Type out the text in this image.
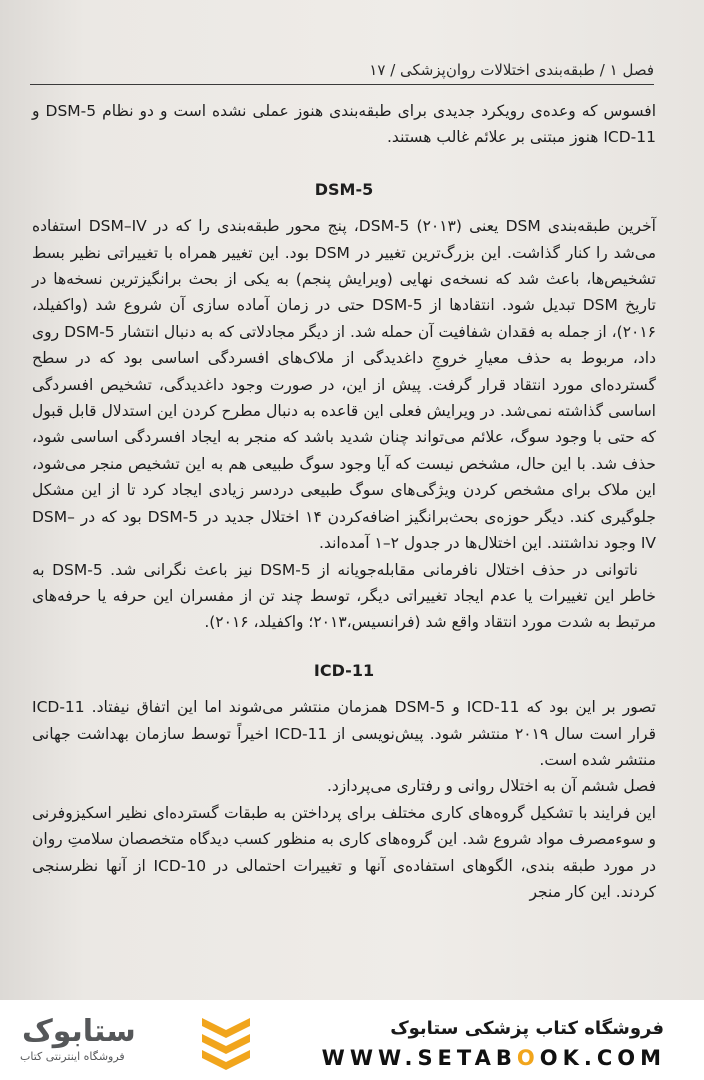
فصل ۱ / طبقه‌بندی اختلالات روان‌پزشکی / ۱۷

افسوس که وعده‌ی رویکرد جدیدی برای طبقه‌بندی هنوز عملی نشده است و دو نظام DSM-5 و ICD-11 هنوز مبتنی بر علائم غالب هستند.

DSM-5

آخرین طبقه‌بندی DSM یعنی DSM-5 (۲۰۱۳)، پنج محور طبقه‌بندی را که در DSM–IV استفاده می‌شد را کنار گذاشت. این بزرگ‌ترین تغییر در DSM بود. این تغییر همراه با تغییراتی نظیر بسط تشخیص‌ها، باعث شد که نسخه‌ی نهایی (ویرایش پنجم) به یکی از بحث برانگیزترین نسخه‌ها در تاریخ DSM تبدیل شود. انتقادها از DSM-5 حتی در زمان آماده سازی آن شروع شد (واکفیلد، ۲۰۱۶)، از جمله به فقدان شفافیت آن حمله شد. از دیگر مجادلاتی که به دنبال انتشار DSM-5 روی داد، مربوط به حذف معیارِ خروجِ داغدیدگی از ملاک‌های افسردگی اساسی بود که در سطح گسترده‌ای مورد انتقاد قرار گرفت. پیش از این، در صورت وجود داغدیدگی، تشخیص افسردگی اساسی گذاشته نمی‌شد. در ویرایش فعلی این قاعده به دنبال مطرح کردن این استدلال قابل قبول که حتی با وجود سوگ، علائم می‌تواند چنان شدید باشد که منجر به ایجاد افسردگی اساسی شود، حذف شد. با این حال، مشخص نیست که آیا وجود سوگ طبیعی هم به این تشخیص منجر می‌شود، این ملاک برای مشخص کردن ویژگی‌های سوگ طبیعی دردسر زیادی ایجاد کرد تا از این مشکل جلوگیری کند. دیگر حوزه‌ی بحث‌برانگیز اضافه‌کردن ۱۴ اختلال جدید در DSM-5 بود که در DSM–IV وجود نداشتند. این اختلال‌ها در جدول ۲–۱ آمده‌اند.

ناتوانی در حذف اختلال نافرمانی مقابله‌جویانه از DSM-5 نیز باعث نگرانی شد. DSM-5 به خاطر این تغییرات یا عدم ایجاد تغییراتی دیگر، توسط چند تن از مفسران این حرفه یا حرفه‌های مرتبط به شدت مورد انتقاد واقع شد (فرانسیس،۲۰۱۳؛ واکفیلد، ۲۰۱۶).

ICD-11

تصور بر این بود که ICD-11 و DSM-5 همزمان منتشر می‌شوند اما این اتفاق نیفتاد. ICD-11 قرار است سال ۲۰۱۹ منتشر شود. پیش‌نویسی از ICD-11 اخیراً توسط سازمان بهداشت جهانی منتشر شده است.

فصل ششم آن به اختلال روانی و رفتاری می‌پردازد.

این فرایند با تشکیل گروه‌های کاری مختلف برای پرداختن به طبقات گسترده‌ای نظیر اسکیزوفرنی و سوءمصرف مواد شروع شد. این گروه‌های کاری به منظور کسب دیدگاه متخصصان سلامتِ روان در مورد طبقه بندی، الگوهای استفاده‌ی آنها و تغییرات احتمالی در ICD-10 از آنها نظرسنجی کردند. این کار منجر

ستابوک
فروشگاه اینترنتی کتاب
فروشگاه کتاب پزشکی ستابوک
WWW.SETABOOK.COM
